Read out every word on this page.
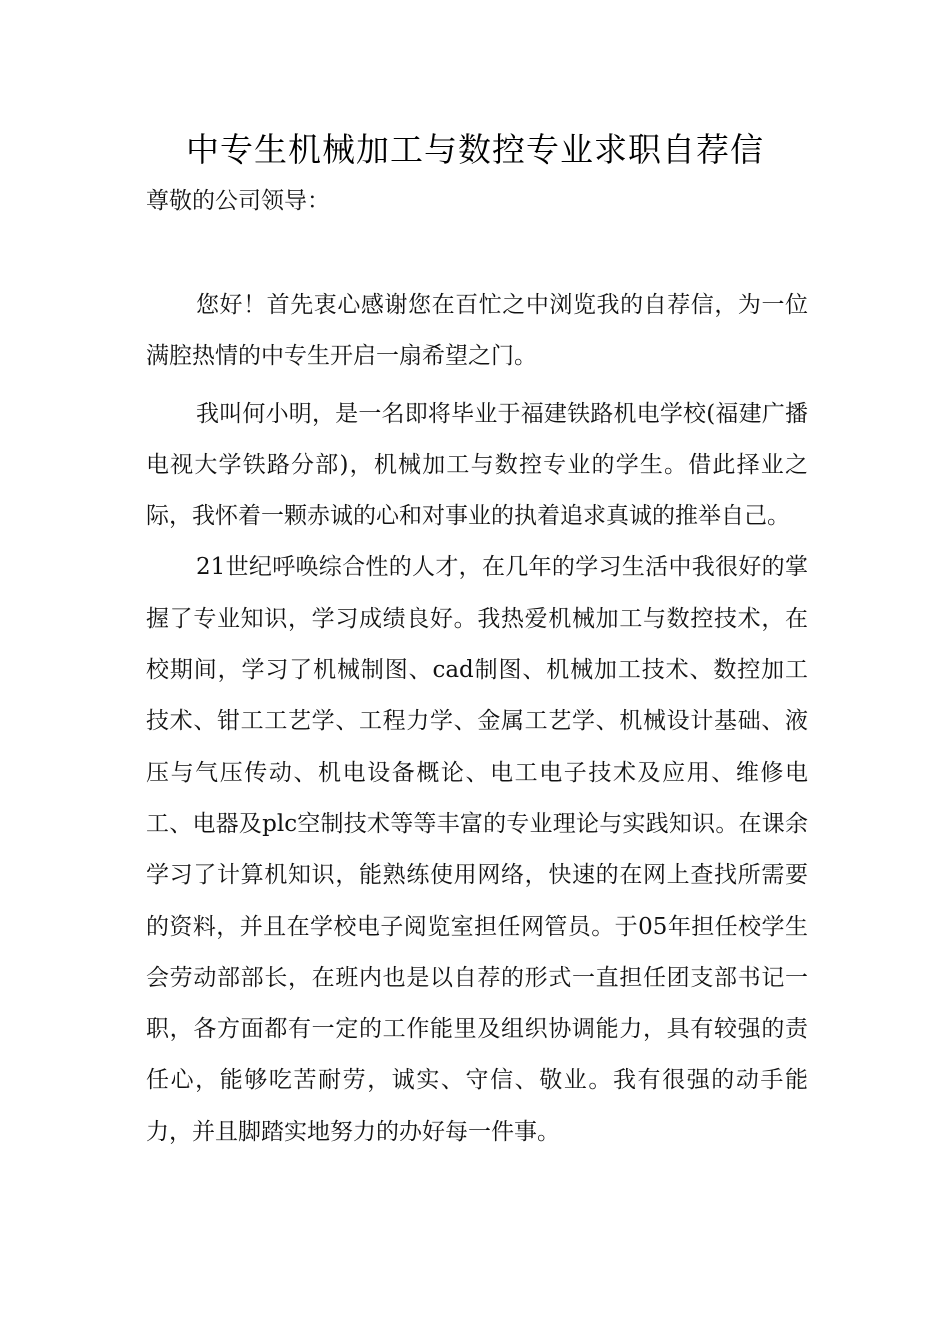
中专生机械加工与数控专业求职自荐信
尊敬的公司领导：

您好！首先衷心感谢您在百忙之中浏览我的自荐信，为一位满腔热情的中专生开启一扇希望之门。

我叫何小明，是一名即将毕业于福建铁路机电学校(福建广播电视大学铁路分部)，机械加工与数控专业的学生。借此择业之际，我怀着一颗赤诚的心和对事业的执着追求真诚的推举自己。

21世纪呼唤综合性的人才，在几年的学习生活中我很好的掌握了专业知识，学习成绩良好。我热爱机械加工与数控技术，在校期间，学习了机械制图、cad制图、机械加工技术、数控加工技术、钳工工艺学、工程力学、金属工艺学、机械设计基础、液压与气压传动、机电设备概论、电工电子技术及应用、维修电工、电器及plc空制技术等等丰富的专业理论与实践知识。在课余学习了计算机知识，能熟练使用网络，快速的在网上查找所需要的资料，并且在学校电子阅览室担任网管员。于05年担任校学生会劳动部部长，在班内也是以自荐的形式一直担任团支部书记一职，各方面都有一定的工作能里及组织协调能力，具有较强的责任心，能够吃苦耐劳，诚实、守信、敬业。我有很强的动手能力，并且脚踏实地努力的办好每一件事。
